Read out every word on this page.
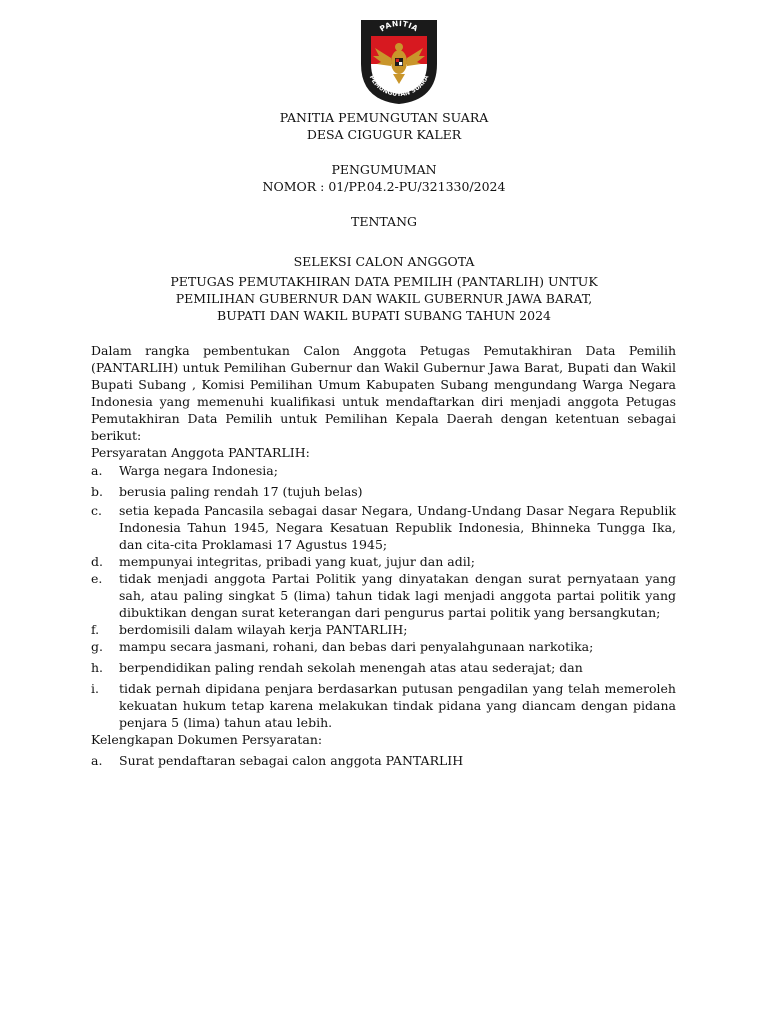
PANITIA
PEMUNGUTAN SUARA
PANITIA PEMUNGUTAN SUARA
DESA CIGUGUR KALER
PENGUMUMAN
NOMOR : 01/PP.04.2-PU/321330/2024
TENTANG
SELEKSI CALON ANGGOTA
PETUGAS PEMUTAKHIRAN DATA PEMILIH (PANTARLIH) UNTUK
PEMILIHAN GUBERNUR DAN WAKIL GUBERNUR JAWA BARAT,
BUPATI DAN WAKIL BUPATI SUBANG TAHUN 2024

Dalam rangka pembentukan Calon Anggota Petugas Pemutakhiran Data Pemilih (PANTARLIH) untuk Pemilihan Gubernur dan Wakil Gubernur Jawa Barat, Bupati dan Wakil Bupati Subang , Komisi Pemilihan Umum Kabupaten Subang mengundang Warga Negara Indonesia yang memenuhi kualifikasi untuk mendaftarkan diri menjadi anggota Petugas Pemutakhiran Data Pemilih untuk Pemilihan Kepala Daerah dengan ketentuan sebagai berikut:

Persyaratan Anggota PANTARLIH:
a.	Warga negara Indonesia;
b.	berusia paling rendah 17 (tujuh belas)
c.	setia kepada Pancasila sebagai dasar Negara, Undang-Undang Dasar Negara Republik Indonesia Tahun 1945, Negara Kesatuan Republik Indonesia, Bhinneka Tunggа Ika, dan cita-cita Proklamasi 17 Agustus 1945;
d.	mempunyai integritas, pribadi yang kuat, jujur dan adil;
e.	tidak menjadi anggota Partai Politik yang dinyatakan dengan surat pernyataan yang sah, atau paling singkat 5 (lima) tahun tidak lagi menjadi anggota partai politik yang dibuktikan dengan surat keterangan dari pengurus partai politik yang bersangkutan;
f.	berdomisili dalam wilayah kerja PANTARLIH;
g.	mampu secara jasmani, rohani, dan bebas dari penyalahgunaan narkotika;
h.	berpendidikan paling rendah sekolah menengah atas atau sederajat; dan
i.	tidak pernah dipidana penjara berdasarkan putusan pengadilan yang telah memeroleh kekuatan hukum tetap karena melakukan tindak pidana yang diancam dengan pidana penjara 5 (lima) tahun atau lebih.
Kelengkapan Dokumen Persyaratan:
a.	Surat pendaftaran sebagai calon anggota PANTARLIH
